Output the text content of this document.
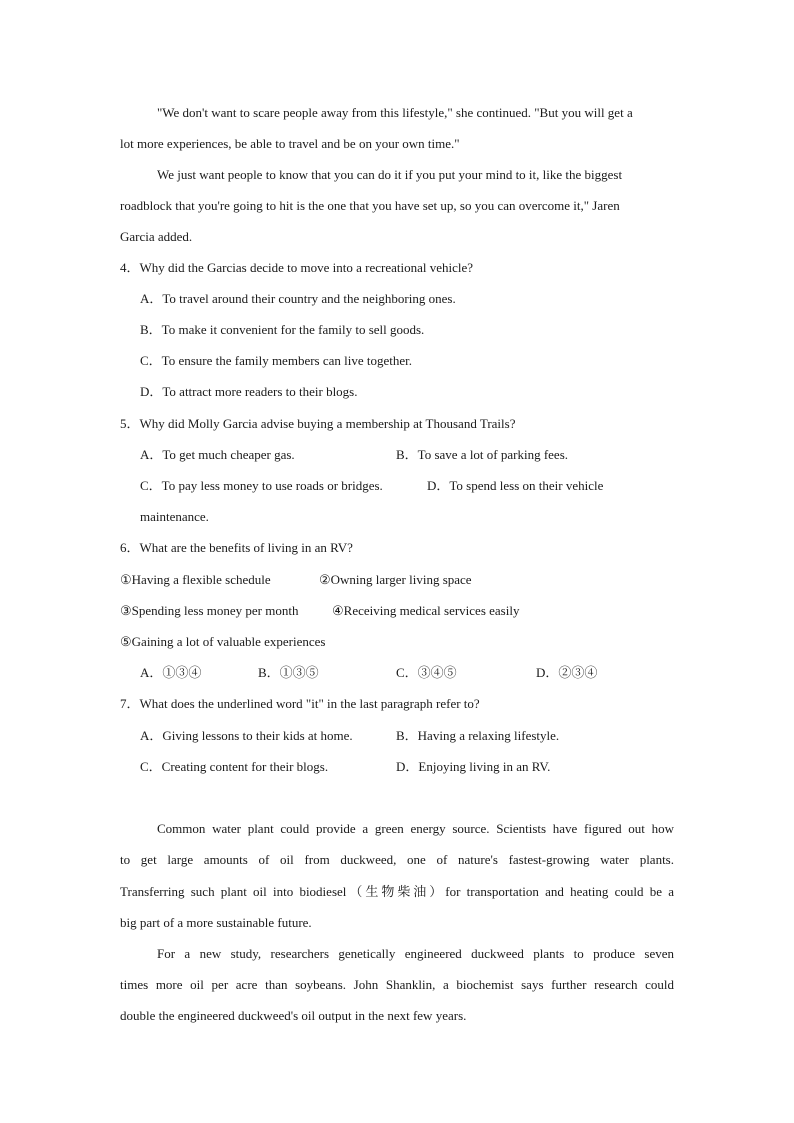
"We don't want to scare people away from this lifestyle," she continued. "But you will get a
lot more experiences, be able to travel and be on your own time."
We just want people to know that you can do it if you put your mind to it, like the biggest
roadblock that you're going to hit is the one that you have set up, so you can overcome it," Jaren
Garcia added.
4．Why did the Garcias decide to move into a recreational vehicle?
A．To travel around their country and the neighboring ones.
B．To make it convenient for the family to sell goods.
C．To ensure the family members can live together.
D．To attract more readers to their blogs.
5．Why did Molly Garcia advise buying a membership at Thousand Trails?
A．To get much cheaper gas.	B．To save a lot of parking fees.
C．To pay less money to use roads or bridges.	D．To spend less on their vehicle
maintenance.
6．What are the benefits of living in an RV?
①Having a flexible schedule	②Owning larger living space
③Spending less money per month	④Receiving medical services easily
⑤Gaining a lot of valuable experiences
A．①③④	B．①③⑤	C．③④⑤	D．②③④
7．What does the underlined word "it" in the last paragraph refer to?
A．Giving lessons to their kids at home.	B．Having a relaxing lifestyle.
C．Creating content for their blogs.	D．Enjoying living in an RV.
Common water plant could provide a green energy source. Scientists have figured out how
to get large amounts of oil from duckweed, one of nature's fastest-growing water plants.
Transferring such plant oil into biodiesel（生物柴油）for transportation and heating could be a
big part of a more sustainable future.
For a new study, researchers genetically engineered duckweed plants to produce seven
times more oil per acre than soybeans. John Shanklin, a biochemist says further research could
double the engineered duckweed's oil output in the next few years.
